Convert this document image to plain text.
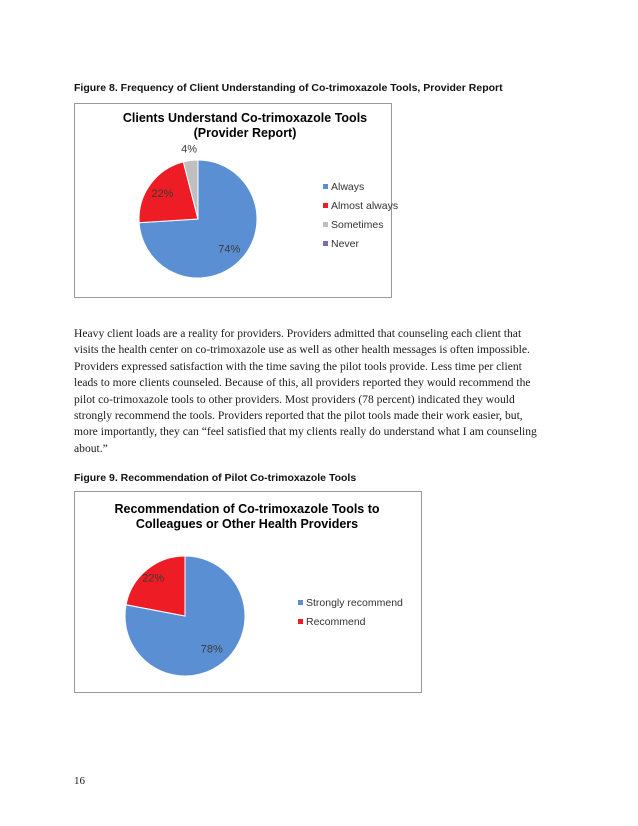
Figure 8. Frequency of Client Understanding of Co-trimoxazole Tools, Provider Report
Clients Understand Co-trimoxazole Tools
(Provider Report)
74%
22%
4%
Always
Almost always
Sometimes
Never
Heavy client loads are a reality for providers. Providers admitted that counseling each client that
visits the health center on co-trimoxazole use as well as other health messages is often impossible.
Providers expressed satisfaction with the time saving the pilot tools provide. Less time per client
leads to more clients counseled. Because of this, all providers reported they would recommend the
pilot co-trimoxazole tools to other providers. Most providers (78 percent) indicated they would
strongly recommend the tools. Providers reported that the pilot tools made their work easier, but,
more importantly, they can “feel satisfied that my clients really do understand what I am counseling
about.”
Figure 9. Recommendation of Pilot Co-trimoxazole Tools
Recommendation of Co-trimoxazole Tools to
Colleagues or Other Health Providers
78%
22%
Strongly recommend
Recommend
16
